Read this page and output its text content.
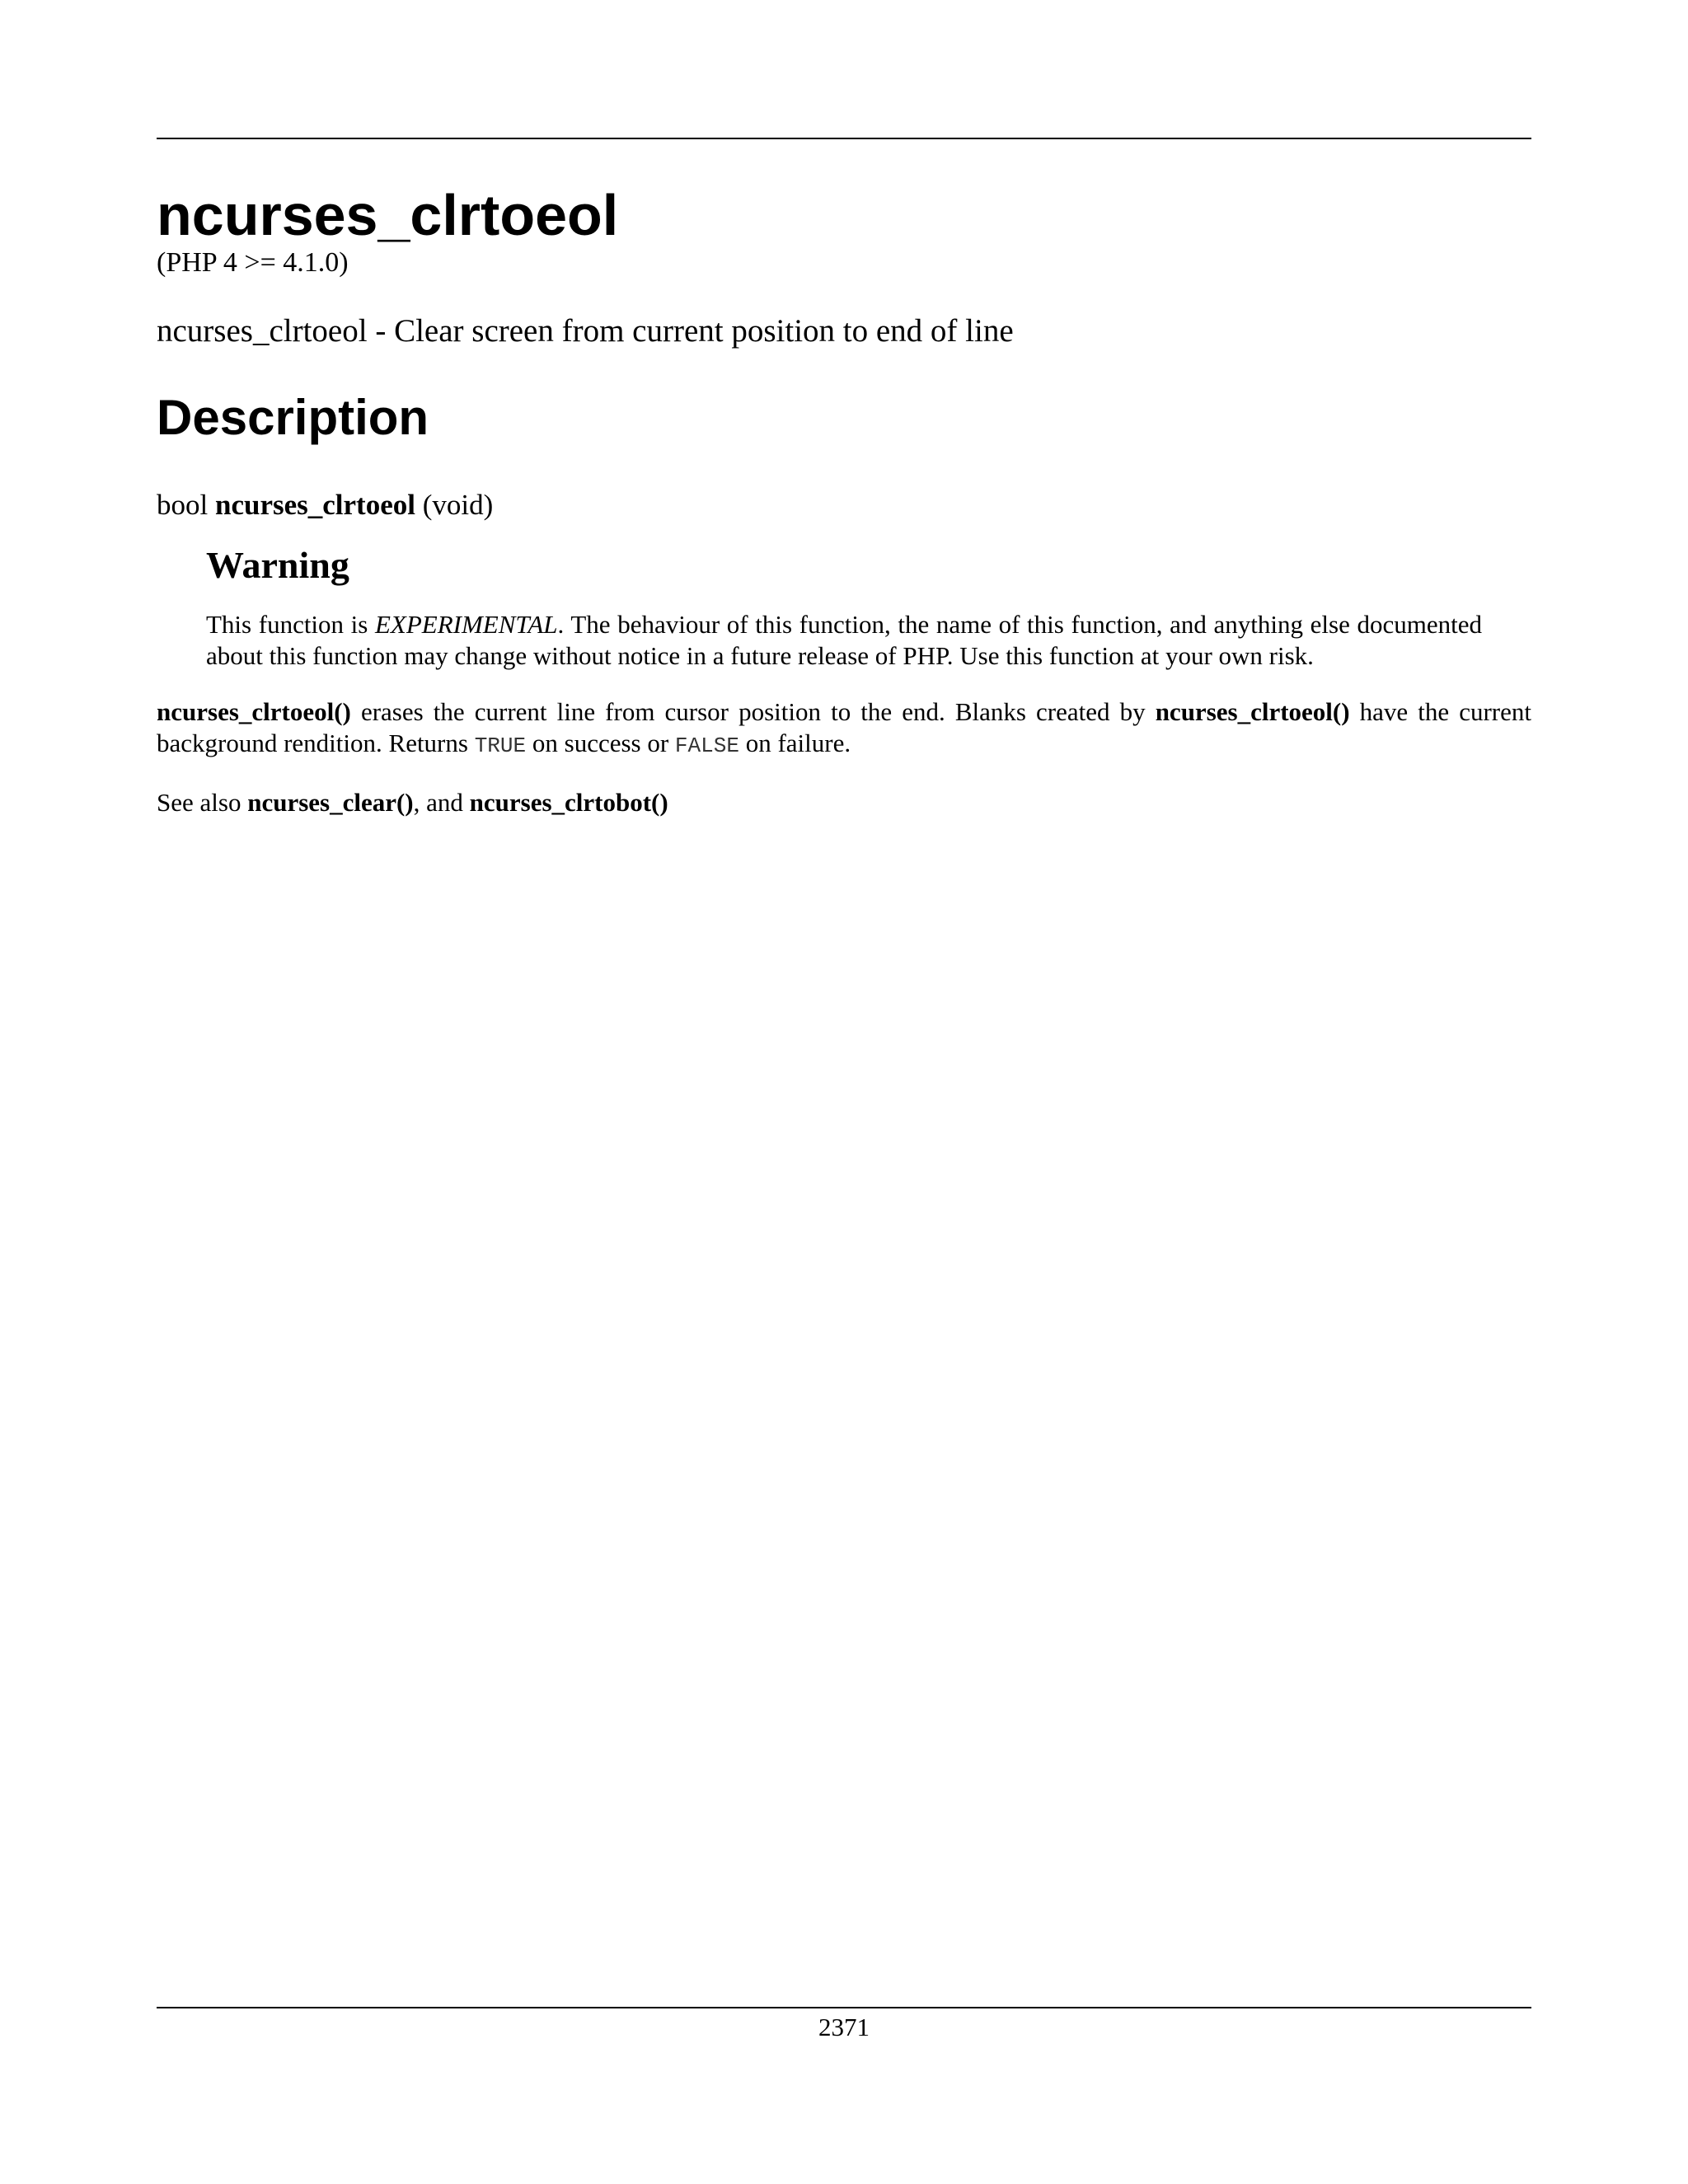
ncurses_clrtoeol
(PHP 4 >= 4.1.0)
ncurses_clrtoeol - Clear screen from current position to end of line
Description
bool ncurses_clrtoeol (void)
Warning

This function is EXPERIMENTAL. The behaviour of this function, the name of this function, and anything else documented about this function may change without notice in a future release of PHP. Use this function at your own risk.

ncurses_clrtoeol() erases the current line from cursor position to the end. Blanks created by ncurses_clrtoeol() have the current background rendition. Returns TRUE on success or FALSE on failure.

See also ncurses_clear(), and ncurses_clrtobot()

2371
